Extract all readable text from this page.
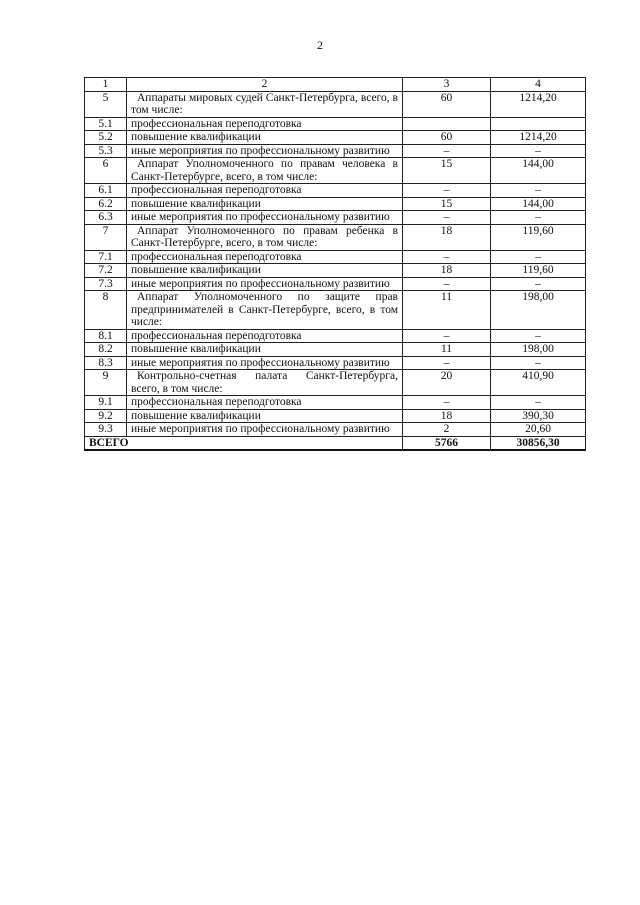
2
1	2	3	4
5	Аппараты мировых судей Санкт-Петербурга, всего, в том числе:	60	1214,20
5.1	профессиональная переподготовка		
5.2	повышение квалификации	60	1214,20
5.3	иные мероприятия по профессиональному развитию	–	–
6	Аппарат Уполномоченного по правам человека в Санкт-Петербурге, всего, в том числе:	15	144,00
6.1	профессиональная переподготовка	–	–
6.2	повышение квалификации	15	144,00
6.3	иные мероприятия по профессиональному развитию	–	–
7	Аппарат Уполномоченного по правам ребенка в Санкт-Петербурге, всего, в том числе:	18	119,60
7.1	профессиональная переподготовка	–	–
7.2	повышение квалификации	18	119,60
7.3	иные мероприятия по профессиональному развитию	–	–
8	Аппарат Уполномоченного по защите прав предпринимателей в Санкт-Петербурге, всего, в том числе:	11	198,00
8.1	профессиональная переподготовка	–	–
8.2	повышение квалификации	11	198,00
8.3	иные мероприятия по профессиональному развитию	–	–
9	Контрольно-счетная палата Санкт-Петербурга, всего, в том числе:	20	410,90
9.1	профессиональная переподготовка	–	–
9.2	повышение квалификации	18	390,30
9.3	иные мероприятия по профессиональному развитию	2	20,60
ВСЕГО		5766	30856,30
